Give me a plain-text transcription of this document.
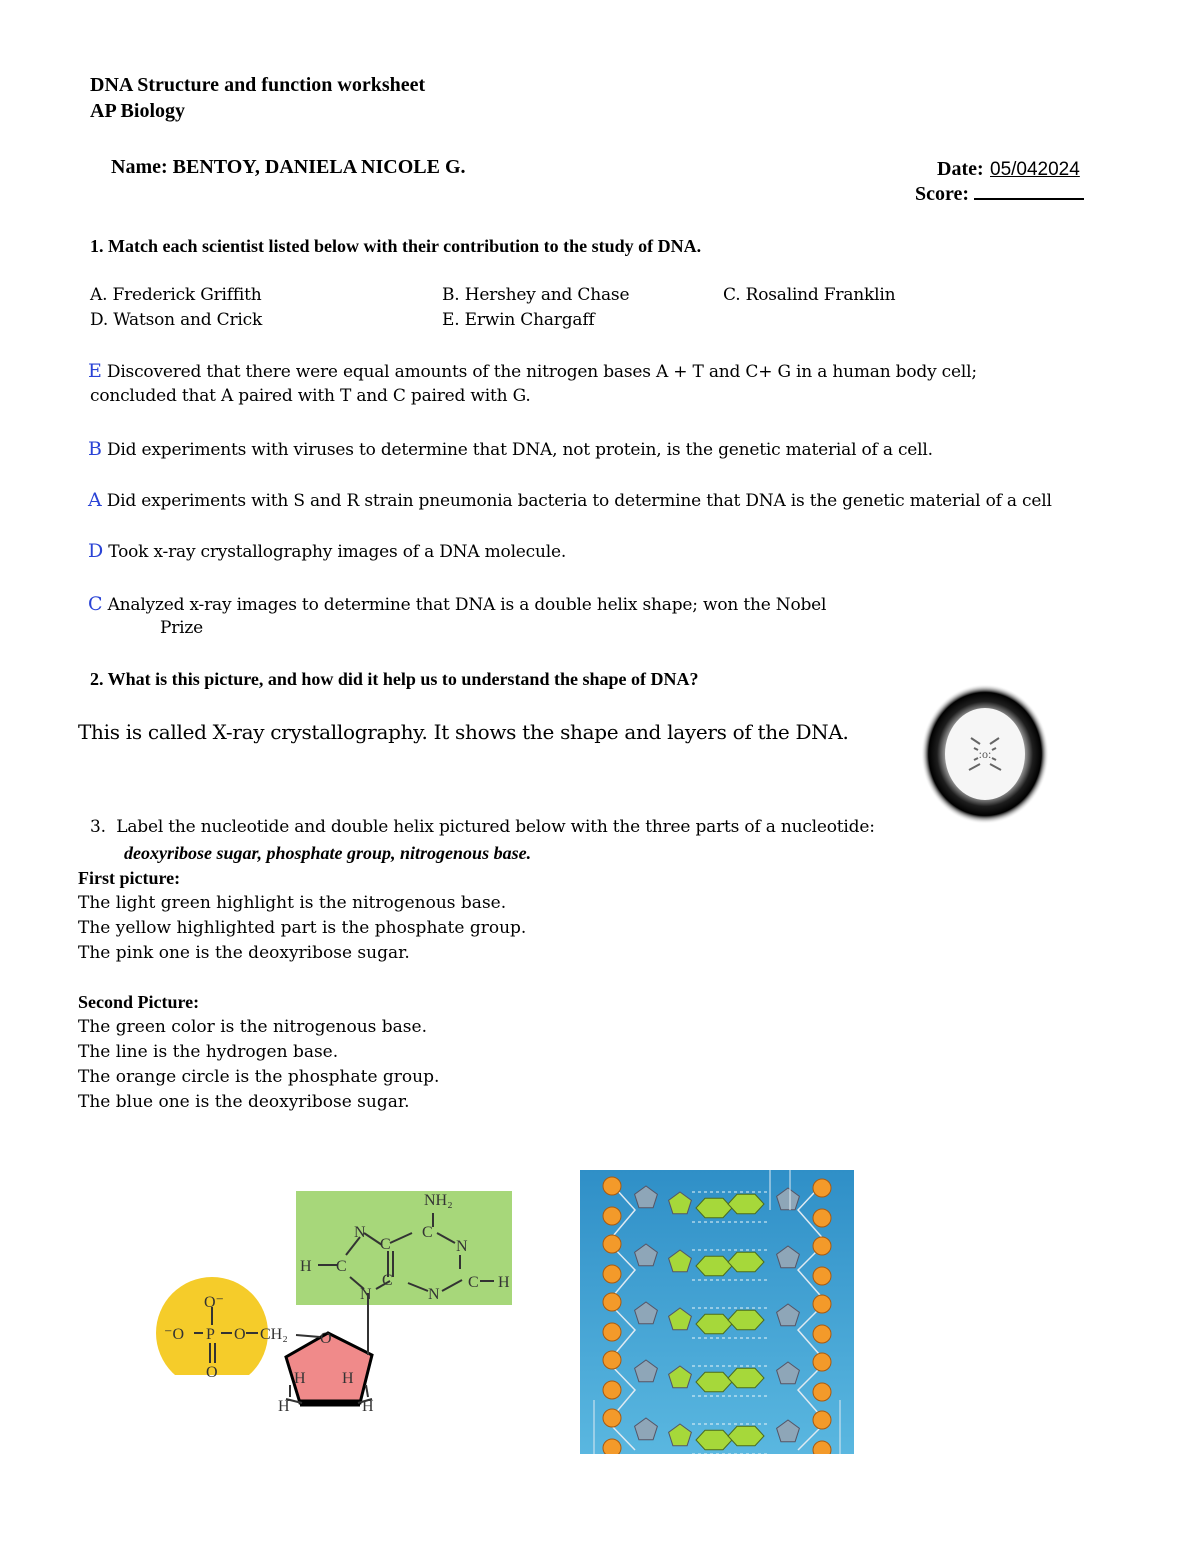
DNA Structure and function worksheet
AP Biology
Name: BENTOY, DANIELA NICOLE G.	Date: 05/042024
Score:
1. Match each scientist listed below with their contribution to the study of DNA.
A. Frederick Griffith	B. Hershey and Chase	C. Rosalind Franklin
D. Watson and Crick	E. Erwin Chargaff
E Discovered that there were equal amounts of the nitrogen bases A + T and C+ G in a human body cell;
concluded that A paired with T and C paired with G.
B Did experiments with viruses to determine that DNA, not protein, is the genetic material of a cell.
A Did experiments with S and R strain pneumonia bacteria to determine that DNA is the genetic material of a cell
D Took x-ray crystallography images of a DNA molecule.
C Analyzed x-ray images to determine that DNA is a double helix shape; won the Nobel
Prize
2. What is this picture, and how did it help us to understand the shape of DNA?
This is called X-ray crystallography. It shows the shape and layers of the DNA.
:o:
3. Label the nucleotide and double helix pictured below with the three parts of a nucleotide:
deoxyribose sugar, phosphate group, nitrogenous base.
First picture:
The light green highlight is the nitrogenous base.
The yellow highlighted part is the phosphate group.
The pink one is the deoxyribose sugar.
Second Picture:
The green color is the nitrogenous base.
The line is the hydrogen base.
The orange circle is the phosphate group.
The blue one is the deoxyribose sugar.
NH₂
H C
N
C
C
N
C
N
C H
N
O⁻
⁻O P O CH₂ O
O	H H
H	H
